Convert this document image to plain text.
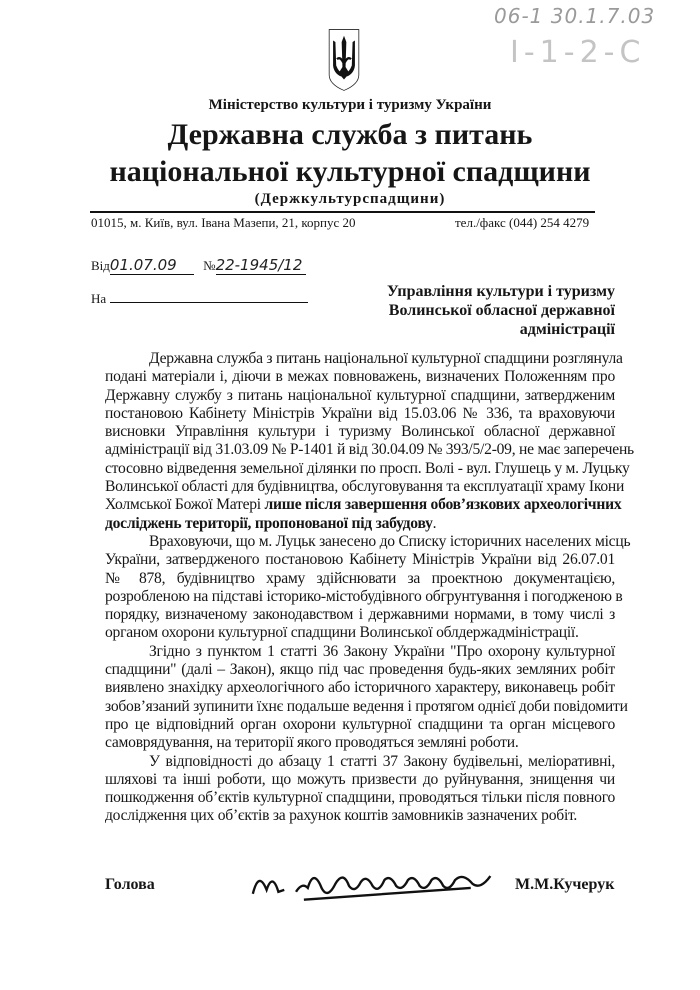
06-1 30.1.7.03
I-1-2-С
Міністерство культури і туризму України
Державна служба з питань
національної культурної спадщини
(Держкультурспадщини)
01015, м. Київ, вул. Івана Мазепи, 21, корпус 20	тел./факс (044) 254 4279
Від01.07.09 №22-1945/12
На	Управління культури і туризму
Волинської обласної державної
адміністрації
Державна служба з питань національної культурної спадщини розглянула
подані матеріали і, діючи в межах повноважень, визначених Положенням про
Державну службу з питань національної культурної спадщини, затвердженим
постановою Кабінету Міністрів України від 15.03.06 № 336, та враховуючи
висновки Управління культури і туризму Волинської обласної державної
адміністрації від 31.03.09 № Р-1401 й від 30.04.09 № 393/5/2-09, не має заперечень
стосовно відведення земельної ділянки по просп. Волі - вул. Глушець у м. Луцьку
Волинської області для будівництва, обслуговування та експлуатації храму Ікони
Холмської Божої Матері лише після завершення обов’язкових археологічних
досліджень території, пропонованої під забудову.
Враховуючи, що м. Луцьк занесено до Списку історичних населених місць
України, затвердженого постановою Кабінету Міністрів України від 26.07.01
№ 878, будівництво храму здійснювати за проектною документацією,
розробленою на підставі історико-містобудівного обгрунтування і погодженою в
порядку, визначеному законодавством і державними нормами, в тому числі з
органом охорони культурної спадщини Волинської облдержадміністрації.
Згідно з пунктом 1 статті 36 Закону України "Про охорону культурної
спадщини" (далі – Закон), якщо під час проведення будь-яких земляних робіт
виявлено знахідку археологічного або історичного характеру, виконавець робіт
зобов’язаний зупинити їхнє подальше ведення і протягом однієї доби повідомити
про це відповідний орган охорони культурної спадщини та орган місцевого
самоврядування, на території якого проводяться земляні роботи.
У відповідності до абзацу 1 статті 37 Закону будівельні, меліоративні,
шляхові та інші роботи, що можуть призвести до руйнування, знищення чи
пошкодження об’єктів культурної спадщини, проводяться тільки після повного
дослідження цих об’єктів за рахунок коштів замовників зазначених робіт.
Голова	М.М.Кучерук
